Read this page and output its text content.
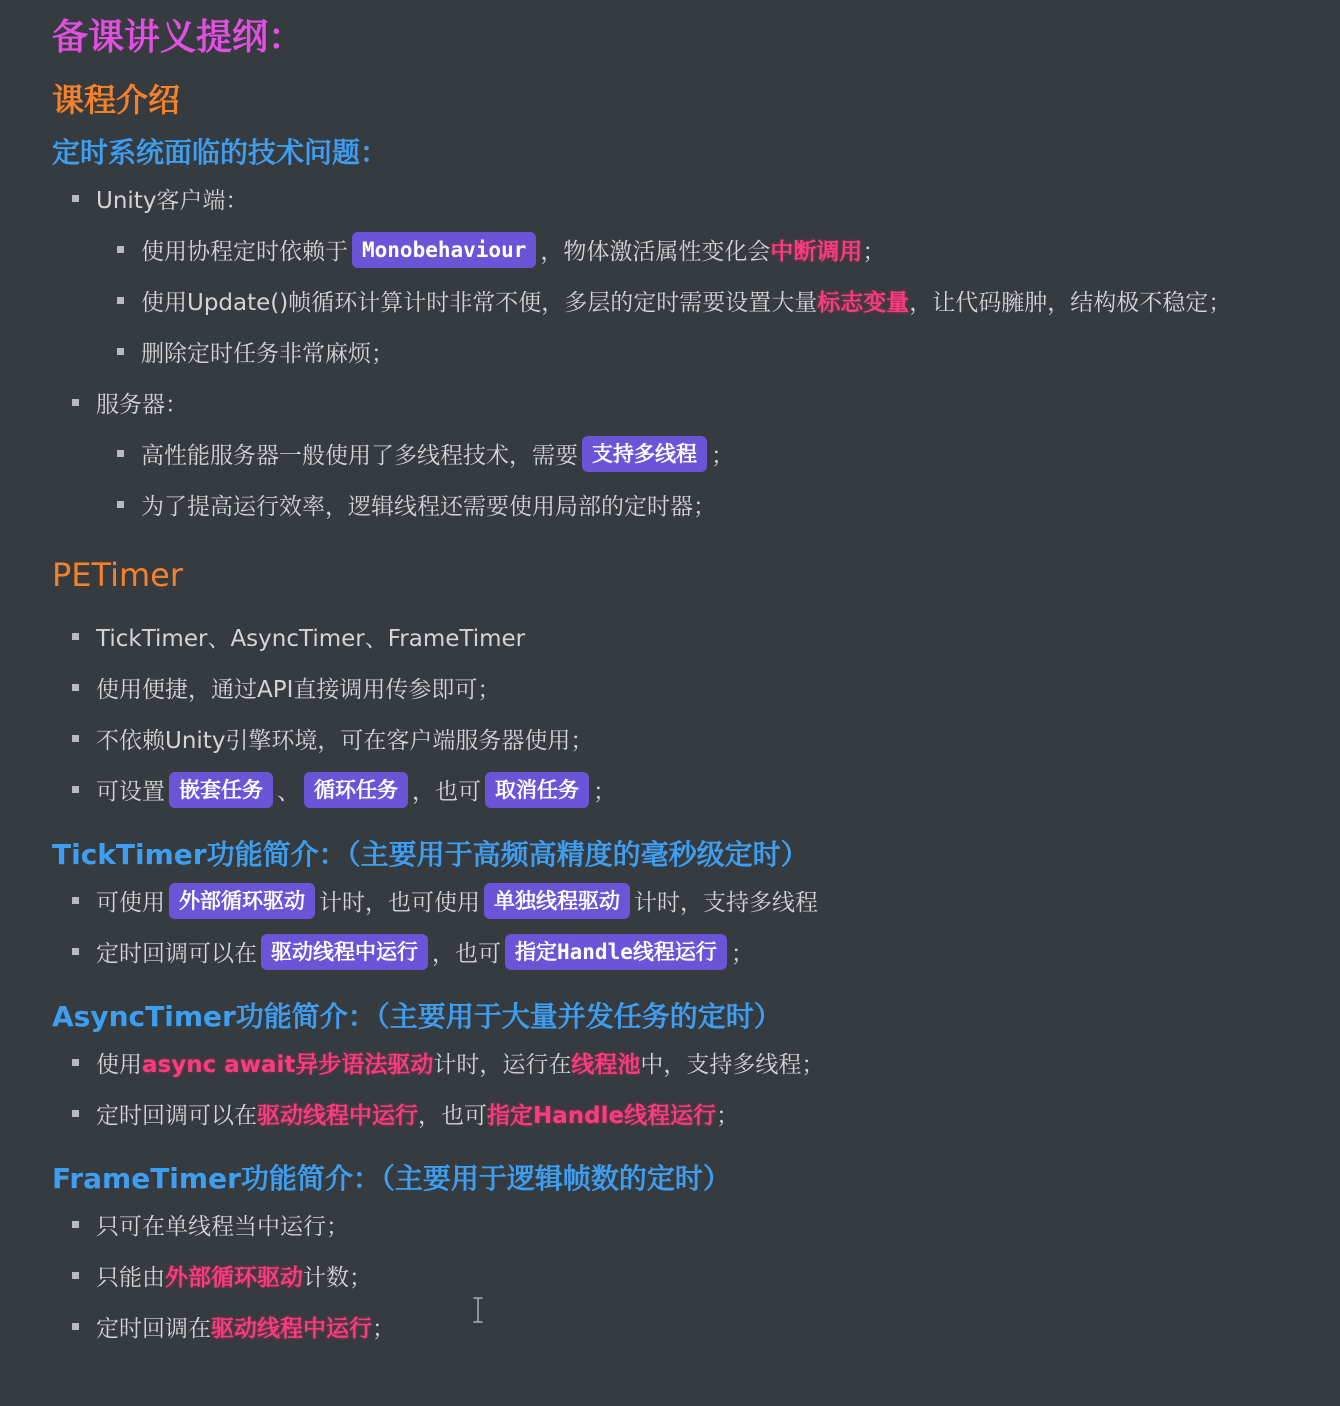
备课讲义提纲：
课程介绍
定时系统面临的技术问题：
Unity客户端：
使用协程定时依赖于 Monobehaviour ，物体激活属性变化会 中断调用 ；
使用Update()帧循环计算计时非常不便，多层的定时需要设置大量 标志变量 ，让代码臃肿，结构极不稳定；
删除定时任务非常麻烦；
服务器：
高性能服务器一般使用了多线程技术，需要 支持多线程 ；
为了提高运行效率，逻辑线程还需要使用局部的定时器；
PETimer
TickTimer、AsyncTimer、FrameTimer
使用便捷，通过API直接调用传参即可；
不依赖Unity引擎环境，可在客户端服务器使用；
可设置 嵌套任务 、 循环任务 ，也可 取消任务 ；
TickTimer功能简介：（主要用于高频高精度的毫秒级定时）
可使用 外部循环驱动 计时，也可使用 单独线程驱动 计时，支持多线程
定时回调可以在 驱动线程中运行 ，也可 指定Handle线程运行 ；
AsyncTimer功能简介：（主要用于大量并发任务的定时）
使用 async await异步语法驱动 计时，运行在 线程池 中，支持多线程；
定时回调可以在 驱动线程中运行 ，也可 指定Handle线程运行 ；
FrameTimer功能简介：（主要用于逻辑帧数的定时）
只可在单线程当中运行；
只能由 外部循环驱动 计数；
定时回调在 驱动线程中运行 ；
